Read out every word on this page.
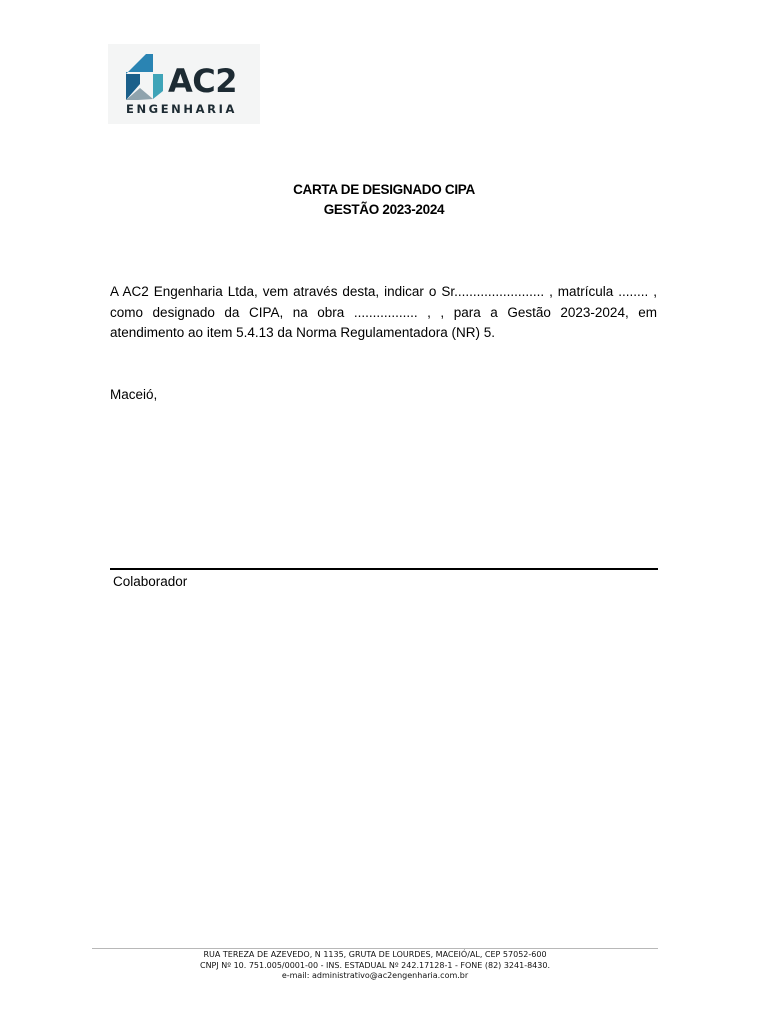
AC2
ENGENHARIA
CARTA DE DESIGNADO CIPA
GESTÃO 2023-2024
A AC2 Engenharia Ltda, vem através desta, indicar o Sr........................ , matrícula ........ , como designado da CIPA, na obra ................. , , para a Gestão 2023-2024, em atendimento ao item 5.4.13 da Norma Regulamentadora (NR) 5.
Maceió,
Colaborador
RUA TEREZA DE AZEVEDO, N 1135, GRUTA DE LOURDES, MACEIÓ/AL, CEP 57052-600
CNPJ Nº 10. 751.005/0001-00 - INS. ESTADUAL Nº 242.17128-1 - FONE (82) 3241-8430.
e-mail: administrativo@ac2engenharia.com.br
